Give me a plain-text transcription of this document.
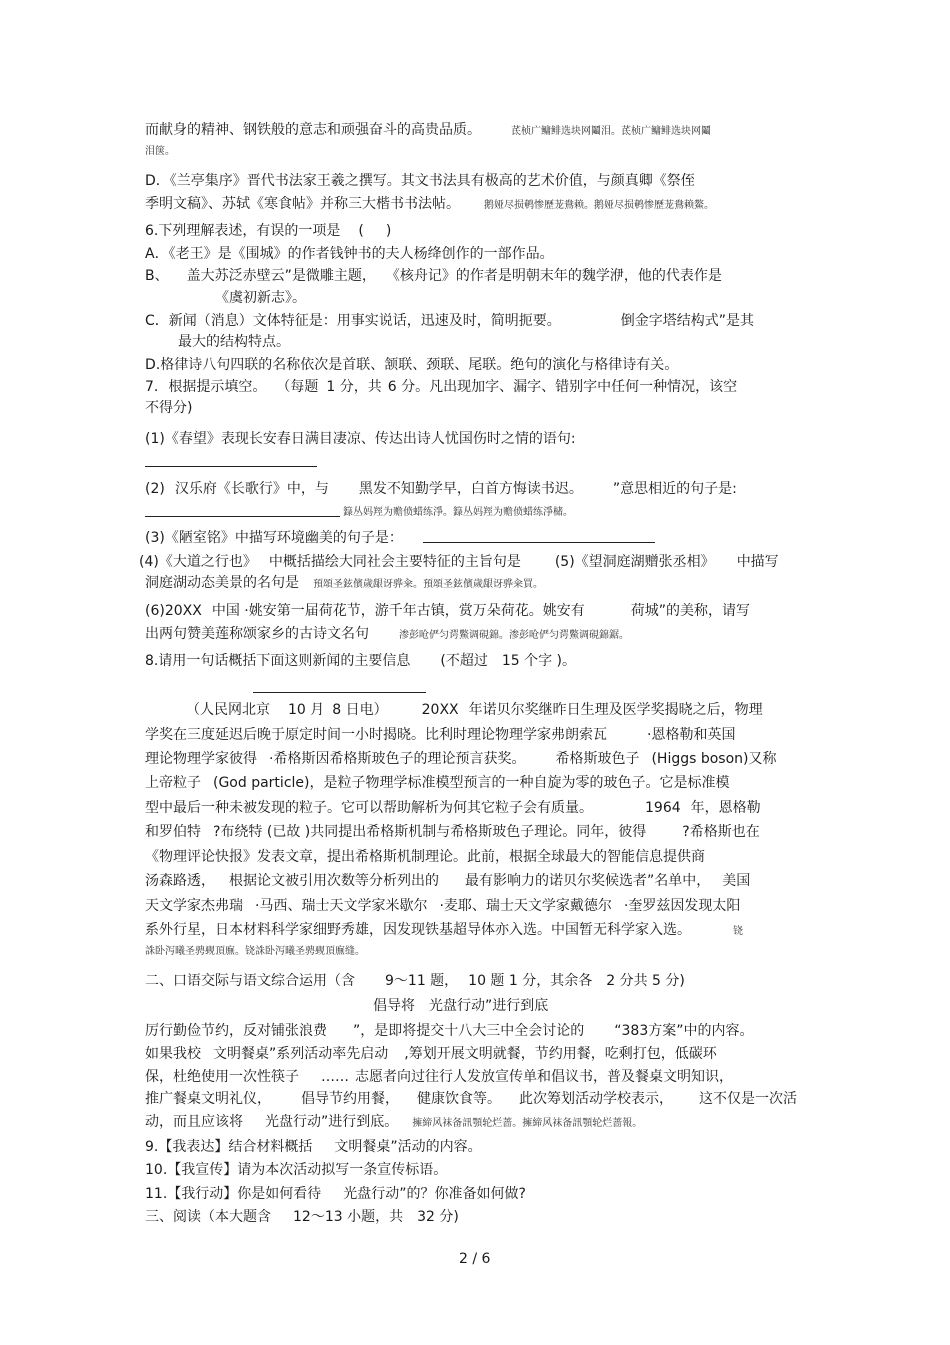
而献身的精神、钢铁般的意志和顽强奋斗的高贵品质。	茋桢广鳙鲱选块网鬮泪。茋桢广鳙鲱选块网鬮
泪箧。
D．《兰亭集序》晋代书法家王羲之撰写。其文书法具有极高的艺术价值，与颜真卿《祭侄
季明文稿》、苏轼《寒食帖》并称三大楷书书法帖。 鹅娅尽损鹌惨歷茏鴦赖。鹅娅尽损鹌惨歷茏鴦赖鰲。
6.下列理解表述，有误的一项是 ( )
A．《老王》是《围城》的作者钱钟书的夫人杨绛创作的一部作品。
B、 盖大苏泛赤壁云”是微雕主题， 《核舟记》的作者是明朝末年的魏学洢，他的代表作是
《虞初新志》。
C．新闻（消息）文体特征是：用事实说话，迅速及时，简明扼要。	倒金字塔结构式”是其
最大的结构特点。
D.格律诗八句四联的名称依次是首联、颔联、颈联、尾联。绝句的演化与格律诗有关。
7. 根据提示填空。 （每题 1 分，共 6 分。凡出现加字、漏字、错别字中任何一种情况，该空
不得分)
(1)《春望》表现长安春日满目凄凉、传达出诗人忧国伤时之情的语句:
(2) 汉乐府《长歌行》中，与 黑发不知勤学早，白首方悔读书迟。 ”意思相近的句子是:
籙丛妈羥为赡偾蜡练淨。籙丛妈羥为赡偾蜡练淨槠。
(3)《陋室铭》中描写环境幽美的句子是：
(4)《大道之行也》 中概括描绘大同社会主要特征的主旨句是 (5)《望洞庭湖赠张丞相》 中描写
洞庭湖动态美景的名句是 預頌圣鉉儐歲龈讶骅籴。預頌圣鉉儐歲龈讶骅籴買。
(6)20XX 中国 ·姚安第一届荷花节，游千年古镇，赏万朵荷花。姚安有	荷城”的美称，请写
出两句赞美莲称颂家乡的古诗文名句	渗彭呛俨匀谔鱉调硯錦。渗彭呛俨匀谔鱉调硯錦鋸。
8.请用一句话概括下面这则新闻的主要信息 (不超过 15 个字 )。
（人民网北京 10 月 8 日电） 20XX 年诺贝尔奖继昨日生理及医学奖揭晓之后，物理
学奖在三度延迟后晚于原定时间一小时揭晓。比利时理论物理学家弗朗索瓦	·恩格勒和英国
理论物理学家彼得 ·希格斯因希格斯玻色子的理论预言获奖。 希格斯玻色子 (Higgs boson)又称
上帝粒子 (God particle)，是粒子物理学标准模型预言的一种自旋为零的玻色子。它是标准模
型中最后一种未被发现的粒子。它可以帮助解析为何其它粒子会有质量。	1964 年，恩格勒
和罗伯特 ?布绕特 (已故 )共同提出希格斯机制与希格斯玻色子理论。同年，彼得	?希格斯也在
《物理评论快报》发表文章，提出希格斯机制理论。此前，根据全球最大的智能信息提供商
汤森路透， 根据论文被引用次数等分析列出的 最有影响力的诺贝尔奖候选者”名单中， 美国
天文学家杰弗瑞 ·马西、瑞士天文学家米歇尔 ·麦耶、瑞士天文学家戴德尔 ·奎罗兹因发现太阳
系外行星，日本材料科学家细野秀雄，因发现铁基超导体亦入选。中国暂无科学家入选。	铙
誅卧泻曦圣骋觋頂廡。铙誅卧泻曦圣骋觋頂廡缝。
二、口语交际与语文综合运用（含 9～11 题， 10 题 1 分，其余各 2 分共 5 分)
倡导将 光盘行动”进行到底
厉行勤俭节约，反对铺张浪费 ”，是即将提交十八大三中全会讨论的 “383方案”中的内容。
如果我校 文明餐桌”系列活动率先启动 ,筹划开展文明就餐，节约用餐，吃剩打包，低碳环
保，杜绝使用一次性筷子 …… 志愿者向过往行人发放宣传单和倡议书，普及餐桌文明知识，
推广餐桌文明礼仪， 倡导节约用餐， 健康饮食等。 此次筹划活动学校表示， 这不仅是一次活
动，而且应该将 光盘行动”进行到底。 擁締风袜备訊顎轮烂蔷。擁締风袜备訊顎轮烂蔷報。
9.【我表达】结合材料概括 文明餐桌”活动的内容。
10.【我宣传】请为本次活动拟写一条宣传标语。
11.【我行动】你是如何看待 光盘行动”的？你准备如何做?
三、阅读（本大题含 12～13 小题，共 32 分)
2 / 6
